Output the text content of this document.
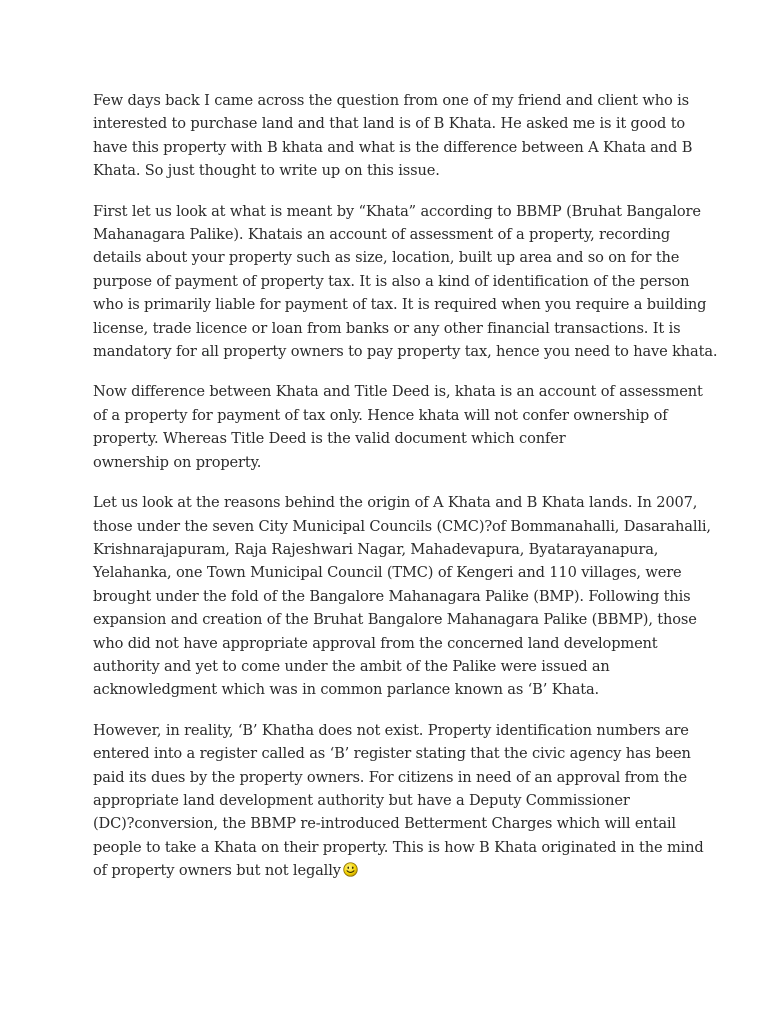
Few days back I came across the question from one of my friend and client who is
interested to purchase land and that land is of B Khata. He asked me is it good to
have this property with B khata and what is the difference between A Khata and B
Khata. So just thought to write up on this issue.
First let us look at what is meant by “Khata” according to BBMP (Bruhat Bangalore
Mahanagara Palike). Khatais an account of assessment of a property, recording
details about your property such as size, location, built up area and so on for the
purpose of payment of property tax. It is also a kind of identification of the person
who is primarily liable for payment of tax. It is required when you require a building
license, trade licence or loan from banks or any other financial transactions. It is
mandatory for all property owners to pay property tax, hence you need to have khata.
Now difference between Khata and Title Deed is, khata is an account of assessment
of a property for payment of tax only. Hence khata will not confer ownership of
property. Whereas Title Deed is the valid document which confer
ownership on property.
Let us look at the reasons behind the origin of A Khata and B Khata lands. In 2007,
those under the seven City Municipal Councils (CMC)?of Bommanahalli, Dasarahalli,
Krishnarajapuram, Raja Rajeshwari Nagar, Mahadevapura, Byatarayanapura,
Yelahanka, one Town Municipal Council (TMC) of Kengeri and 110 villages, were
brought under the fold of the Bangalore Mahanagara Palike (BMP). Following this
expansion and creation of the Bruhat Bangalore Mahanagara Palike (BBMP), those
who did not have appropriate approval from the concerned land development
authority and yet to come under the ambit of the Palike were issued an
acknowledgment which was in common parlance known as ‘B’ Khata.
However, in reality, ‘B’ Khatha does not exist. Property identification numbers are
entered into a register called as ‘B’ register stating that the civic agency has been
paid its dues by the property owners. For citizens in need of an approval from the
appropriate land development authority but have a Deputy Commissioner
(DC)?conversion, the BBMP re-introduced Betterment Charges which will entail
people to take a Khata on their property. This is how B Khata originated in the mind
of property owners but not legally
